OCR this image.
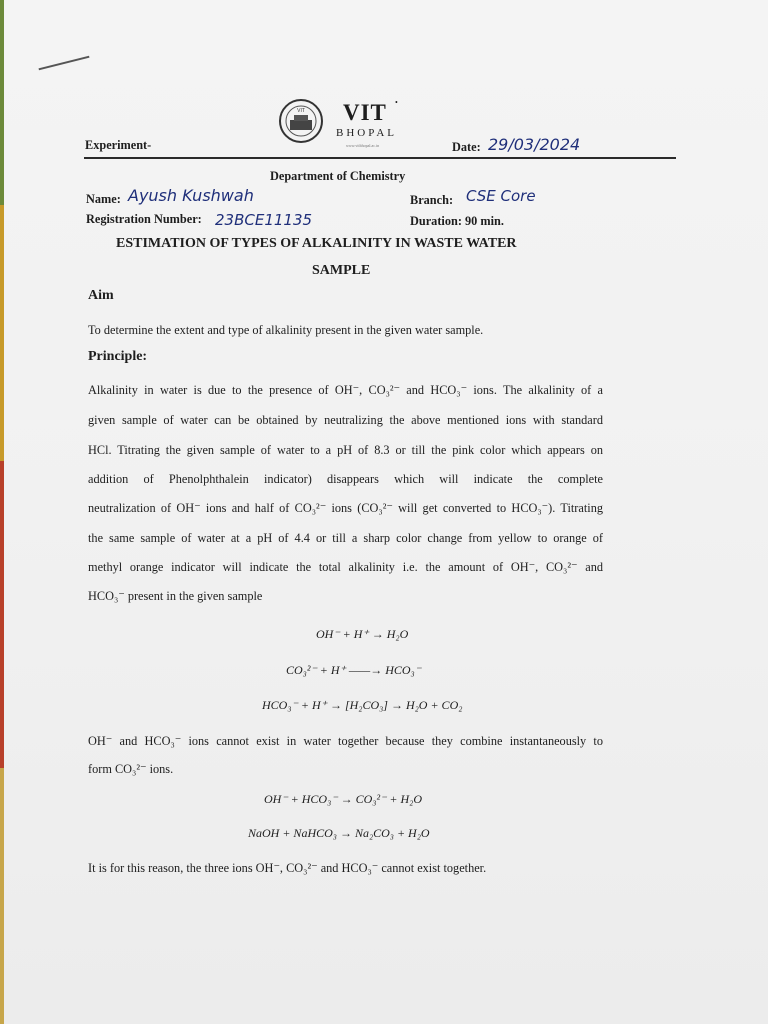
VIT VIT •
BHOPAL
www.vitbhopal.ac.in
Experiment-	Date: 29/03/2024
Department of Chemistry
Name: Ayush Kushwah	Branch: CSE Core
Registration Number: 23BCE11135	Duration: 90 min.
ESTIMATION OF TYPES OF ALKALINITY IN WASTE WATER
SAMPLE
Aim
To determine the extent and type of alkalinity present in the given water sample.
Principle:
Alkalinity in water is due to the presence of OH⁻, CO₃²⁻ and HCO₃⁻ ions. The alkalinity of a
given sample of water can be obtained by neutralizing the above mentioned ions with standard
HCl. Titrating the given sample of water to a pH of 8.3 or till the pink color which appears on
addition of Phenolphthalein indicator) disappears which will indicate the complete
neutralization of OH⁻ ions and half of CO₃²⁻ ions (CO₃²⁻ will get converted to HCO₃⁻). Titrating
the same sample of water at a pH of 4.4 or till a sharp color change from yellow to orange of
methyl orange indicator will indicate the total alkalinity i.e. the amount of OH⁻, CO₃²⁻ and
HCO₃⁻ present in the given sample
OH⁻ + H⁺ → H₂O
CO₃²⁻ + H⁺ ——→ HCO₃⁻
HCO₃⁻ + H⁺ → [H₂CO₃] → H₂O + CO₂
OH⁻ and HCO₃⁻ ions cannot exist in water together because they combine instantaneously to
form CO₃²⁻ ions.
OH⁻ + HCO₃⁻ → CO₃²⁻ + H₂O
NaOH + NaHCO₃ → Na₂CO₃ + H₂O
It is for this reason, the three ions OH⁻, CO₃²⁻ and HCO₃⁻ cannot exist together.
